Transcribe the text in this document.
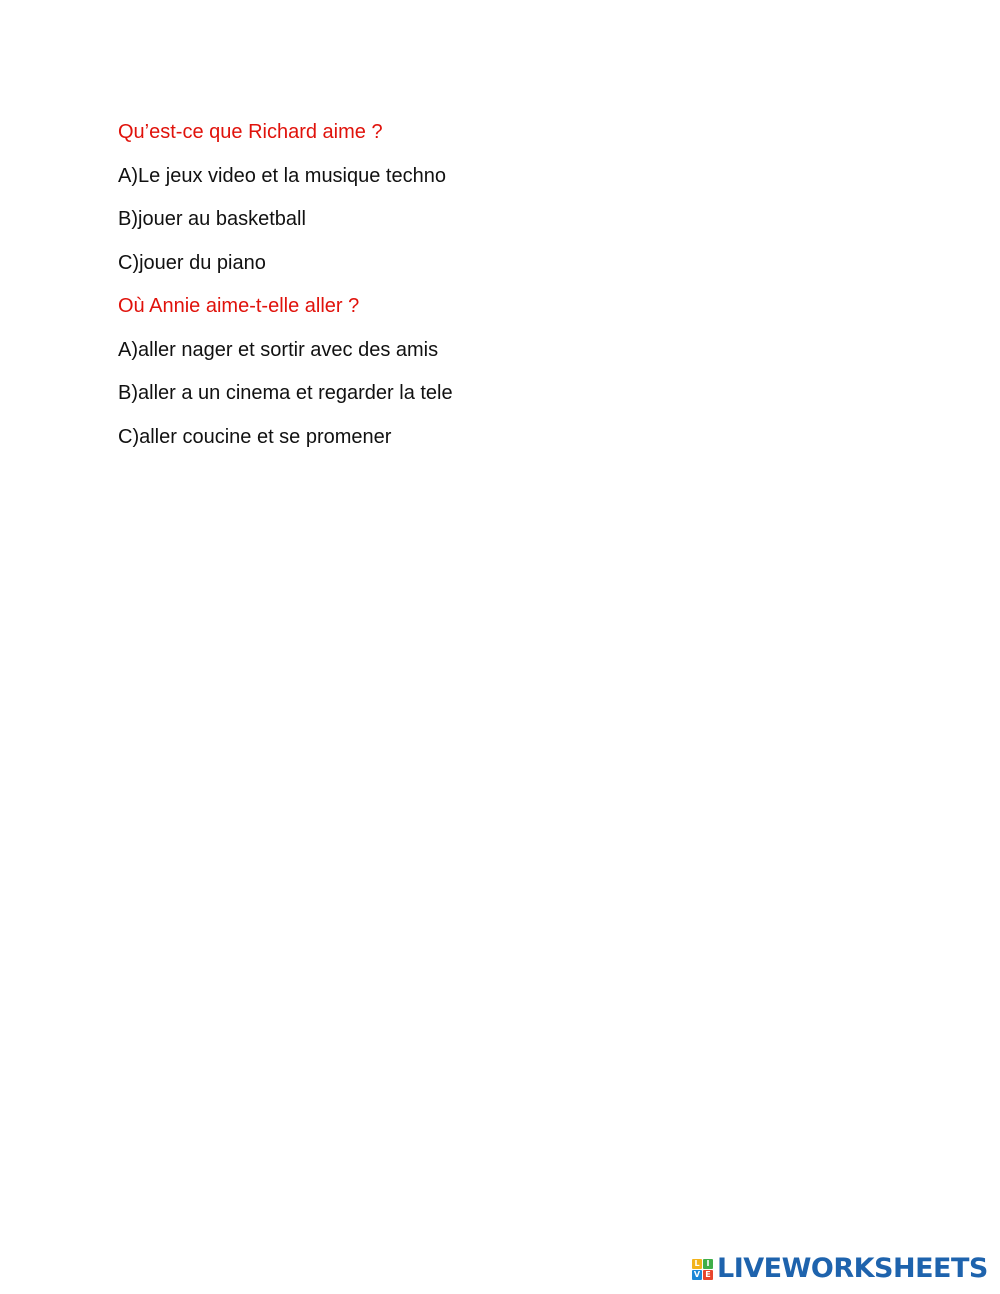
Qu’est-ce que Richard aime ?

A)Le jeux video et la musique techno

B)jouer au basketball

C)jouer du piano

Où Annie aime-t-elle aller ?

A)aller nager et sortir avec des amis

B)aller a un cinema et regarder la tele

C)aller coucine et se promener

L I
V E LIVEWORKSHEETS
